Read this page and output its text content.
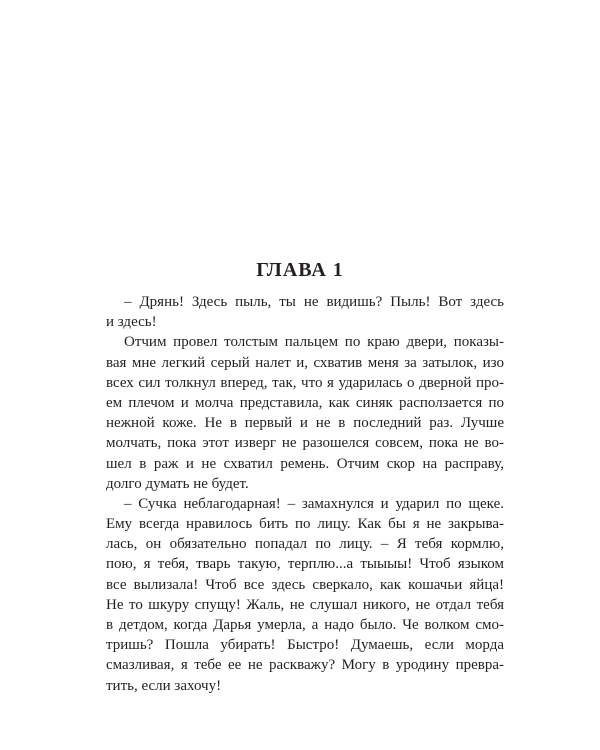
ГЛАВА 1
– Дрянь! Здесь пыль, ты не видишь? Пыль! Вот здесь
и здесь!
Отчим провел толстым пальцем по краю двери, показы-
вая мне легкий серый налет и, схватив меня за затылок, изо
всех сил толкнул вперед, так, что я ударилась о дверной про-
ем плечом и молча представила, как синяк расползается по
нежной коже. Не в первый и не в последний раз. Лучше
молчать, пока этот изверг не разошелся совсем, пока не во-
шел в раж и не схватил ремень. Отчим скор на расправу,
долго думать не будет.
– Сучка неблагодарная! – замахнулся и ударил по щеке.
Ему всегда нравилось бить по лицу. Как бы я не закрыва-
лась, он обязательно попадал по лицу. – Я тебя кормлю,
пою, я тебя, тварь такую, терплю...а тыыыы! Чтоб языком
все вылизала! Чтоб все здесь сверкало, как кошачьи яйца!
Не то шкуру спущу! Жаль, не слушал никого, не отдал тебя
в детдом, когда Дарья умерла, а надо было. Че волком смо-
тришь? Пошла убирать! Быстро! Думаешь, если морда
смазливая, я тебе ее не раскважу? Могу в уродину превра-
тить, если захочу!
